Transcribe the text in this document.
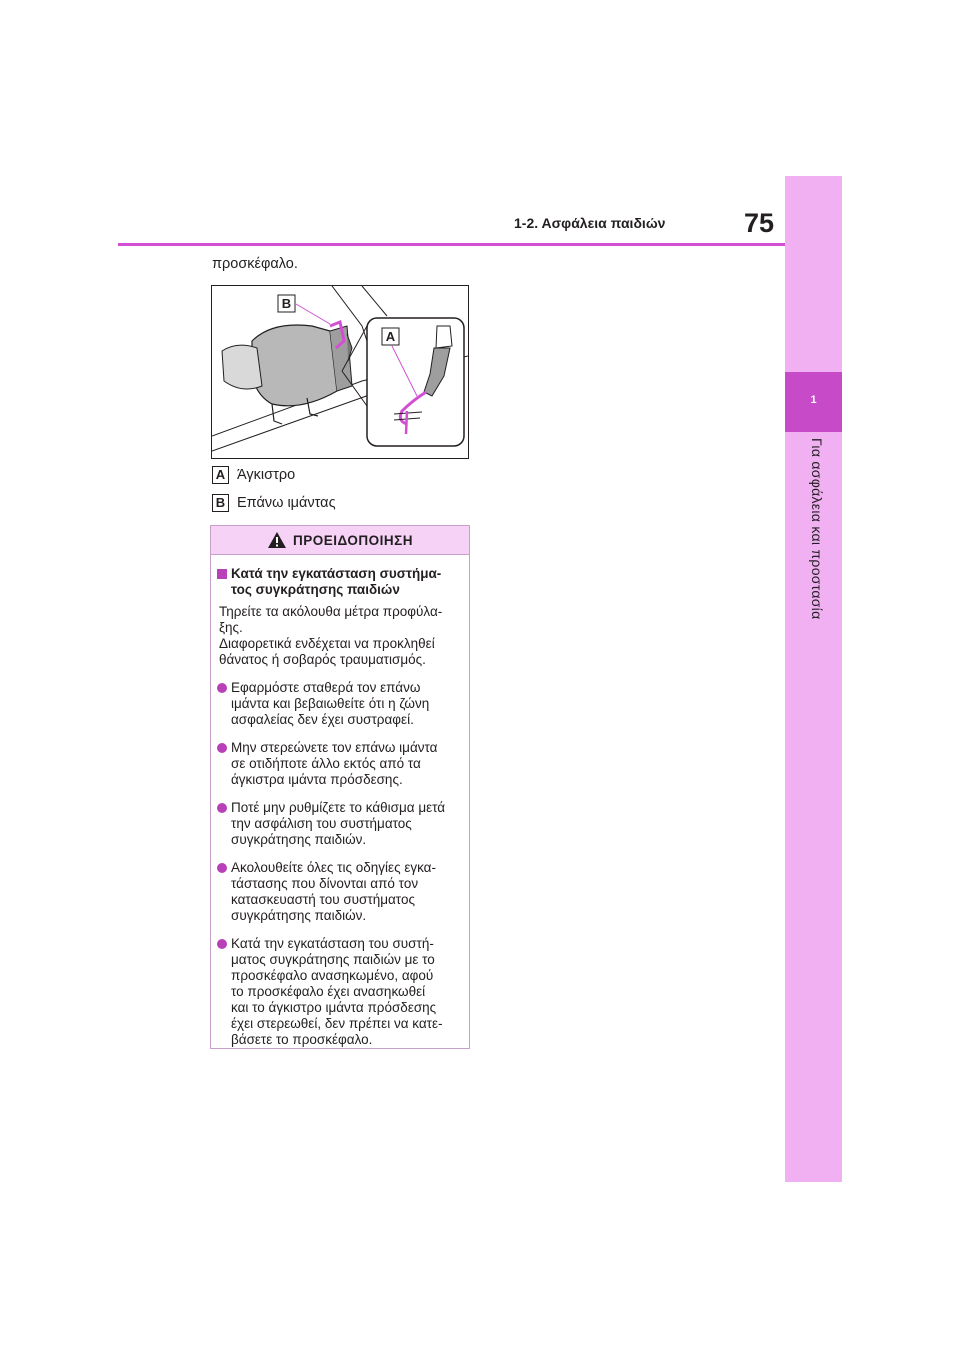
1
Για ασφάλεια και προστασία
1-2. Ασφάλεια παιδιών	75
προσκέφαλο.
B
A
A Άγκιστρο
B Επάνω ιμάντας
ΠΡΟΕΙΔΟΠΟΙΗΣΗ
Κατά την εγκατάσταση συστήμα-
τος συγκράτησης παιδιών
Τηρείτε τα ακόλουθα μέτρα προφύλα-
ξης.
Διαφορετικά ενδέχεται να προκληθεί
θάνατος ή σοβαρός τραυματισμός.
Εφαρμόστε σταθερά τον επάνω
ιμάντα και βεβαιωθείτε ότι η ζώνη
ασφαλείας δεν έχει συστραφεί.
Μην στερεώνετε τον επάνω ιμάντα
σε οτιδήποτε άλλο εκτός από τα
άγκιστρα ιμάντα πρόσδεσης.
Ποτέ μην ρυθμίζετε το κάθισμα μετά
την ασφάλιση του συστήματος
συγκράτησης παιδιών.
Ακολουθείτε όλες τις οδηγίες εγκα-
τάστασης που δίνονται από τον
κατασκευαστή του συστήματος
συγκράτησης παιδιών.
Κατά την εγκατάσταση του συστή-
ματος συγκράτησης παιδιών με το
προσκέφαλο ανασηκωμένο, αφού
το προσκέφαλο έχει ανασηκωθεί
και το άγκιστρο ιμάντα πρόσδεσης
έχει στερεωθεί, δεν πρέπει να κατε-
βάσετε το προσκέφαλο.
